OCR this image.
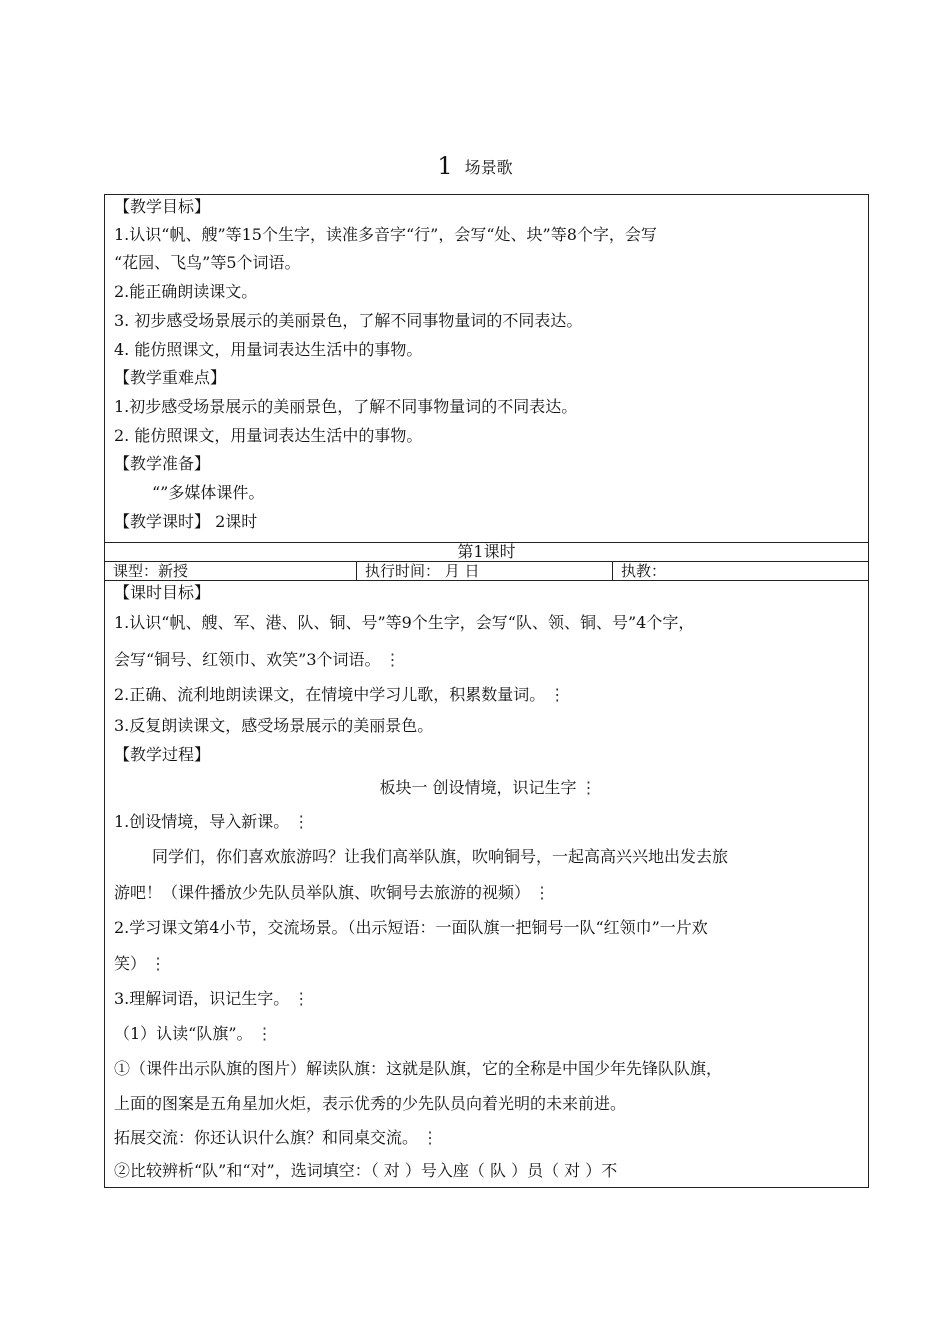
1 场景歌
【教学目标】
1.认识“帆、艘”等15个生字，读准多音字“行”，会写“处、块”等8个字，会写
“花园、飞鸟”等5个词语。
2.能正确朗读课文。
3. 初步感受场景展示的美丽景色，了解不同事物量词的不同表达。
4. 能仿照课文，用量词表达生活中的事物。
【教学重难点】
1.初步感受场景展示的美丽景色，了解不同事物量词的不同表达。
2. 能仿照课文，用量词表达生活中的事物。
【教学准备】
“”多媒体课件。
【教学课时】 2课时
第1课时
课型：新授	执行时间： 月 日	执教：
【课时目标】
1.认识“帆、艘、军、港、队、铜、号”等9个生字，会写“队、领、铜、号”4个字，
会写“铜号、红领巾、欢笑”3个词语。 ⋮
2.正确、流利地朗读课文，在情境中学习儿歌，积累数量词。 ⋮
3.反复朗读课文，感受场景展示的美丽景色。
【教学过程】
板块一 创设情境，识记生字 ⋮
1.创设情境，导入新课。 ⋮
同学们，你们喜欢旅游吗？让我们高举队旗，吹响铜号，一起高高兴兴地出发去旅
游吧！（课件播放少先队员举队旗、吹铜号去旅游的视频） ⋮
2.学习课文第4小节，交流场景。（出示短语：一面队旗一把铜号一队“红领巾”一片欢
笑） ⋮
3.理解词语，识记生字。 ⋮
（1）认读“队旗”。 ⋮
①（课件出示队旗的图片）解读队旗：这就是队旗，它的全称是中国少年先锋队队旗，
上面的图案是五角星加火炬，表示优秀的少先队员向着光明的未来前进。
拓展交流：你还认识什么旗？和同桌交流。 ⋮
②比较辨析“队”和“对”，选词填空：（ 对 ）号入座（ 队 ）员（ 对 ）不
